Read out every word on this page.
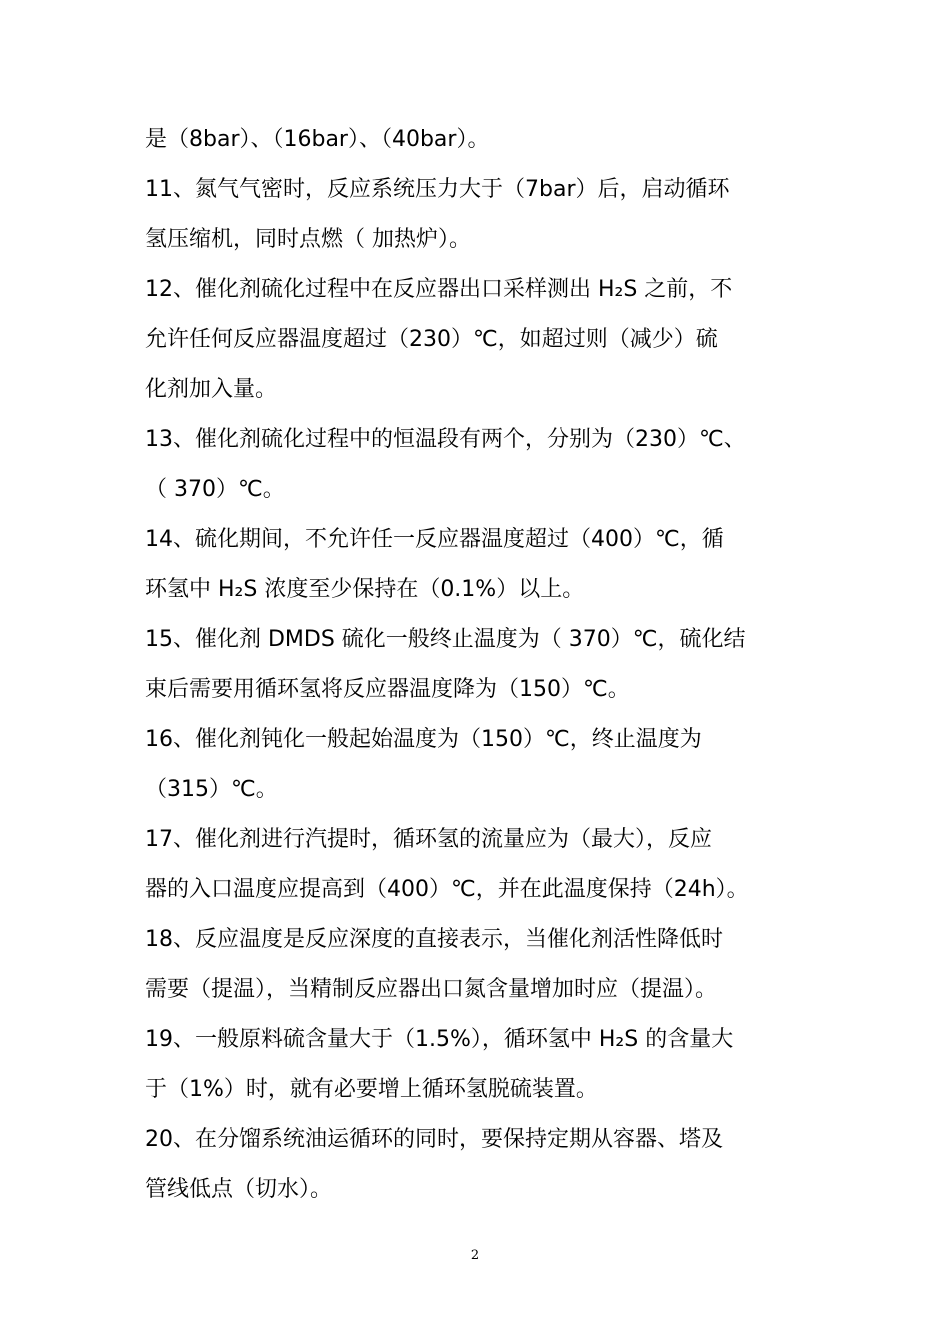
是（8bar）、（16bar）、（40bar）。
11、氮气气密时，反应系统压力大于（7bar）后，启动循环
氢压缩机，同时点燃（ 加热炉）。
12、催化剂硫化过程中在反应器出口采样测出 H₂S 之前，不
允许任何反应器温度超过（230）℃，如超过则（减少）硫
化剂加入量。
13、催化剂硫化过程中的恒温段有两个，分别为（230）℃、
（ 370）℃。
14、硫化期间，不允许任一反应器温度超过（400）℃，循
环氢中 H₂S 浓度至少保持在（0.1%）以上。
15、催化剂 DMDS 硫化一般终止温度为（ 370）℃，硫化结
束后需要用循环氢将反应器温度降为（150）℃。
16、催化剂钝化一般起始温度为（150）℃，终止温度为
（315）℃。
17、催化剂进行汽提时，循环氢的流量应为（最大），反应
器的入口温度应提高到（400）℃，并在此温度保持（24h）。
18、反应温度是反应深度的直接表示，当催化剂活性降低时
需要（提温），当精制反应器出口氮含量增加时应（提温）。
19、一般原料硫含量大于（1.5%），循环氢中 H₂S 的含量大
于（1%）时，就有必要增上循环氢脱硫装置。
20、在分馏系统油运循环的同时，要保持定期从容器、塔及
管线低点（切水）。
2
